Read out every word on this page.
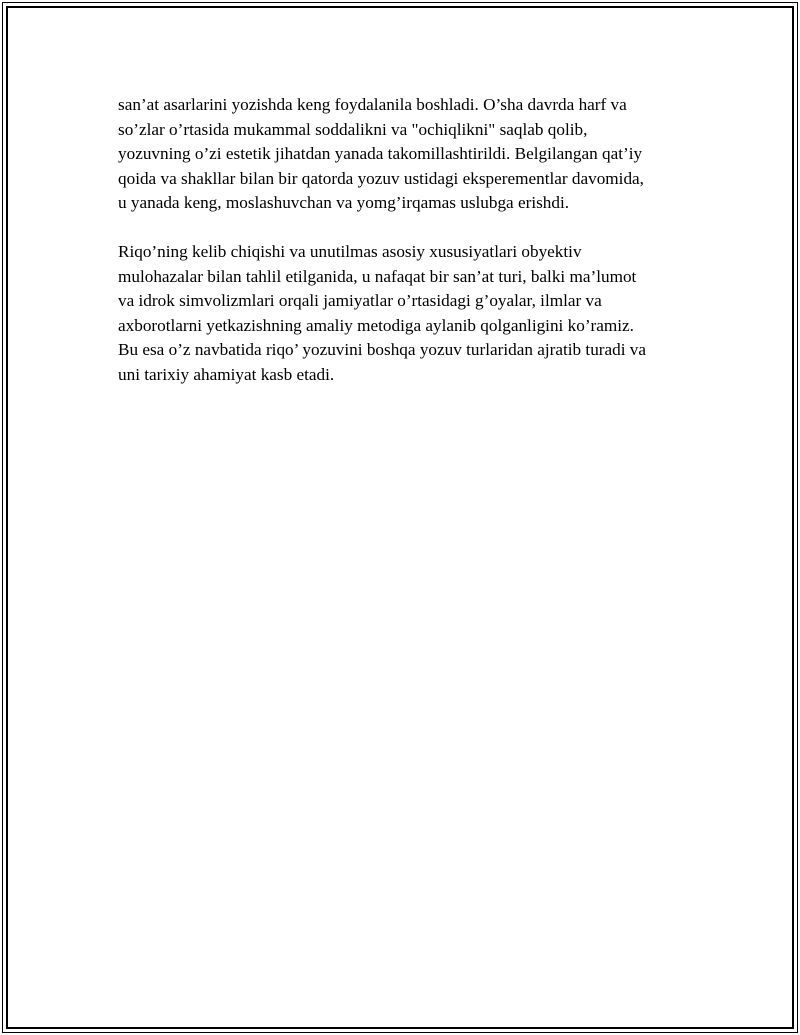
san’at asarlarini yozishda keng foydalanila boshladi. O’sha davrda harf va
so’zlar o’rtasida mukammal soddalikni va "ochiqlikni" saqlab qolib,
yozuvning o’zi estetik jihatdan yanada takomillashtirildi. Belgilangan qat’iy
qoida va shakllar bilan bir qatorda yozuv ustidagi eksperementlar davomida,
u yanada keng, moslashuvchan va yomg’irqamas uslubga erishdi.

Riqo’ning kelib chiqishi va unutilmas asosiy xususiyatlari obyektiv
mulohazalar bilan tahlil etilganida, u nafaqat bir san’at turi, balki ma’lumot
va idrok simvolizmlari orqali jamiyatlar o’rtasidagi g’oyalar, ilmlar va
axborotlarni yetkazishning amaliy metodiga aylanib qolganligini ko’ramiz.
Bu esa o’z navbatida riqo’ yozuvini boshqa yozuv turlaridan ajratib turadi va
uni tarixiy ahamiyat kasb etadi.
